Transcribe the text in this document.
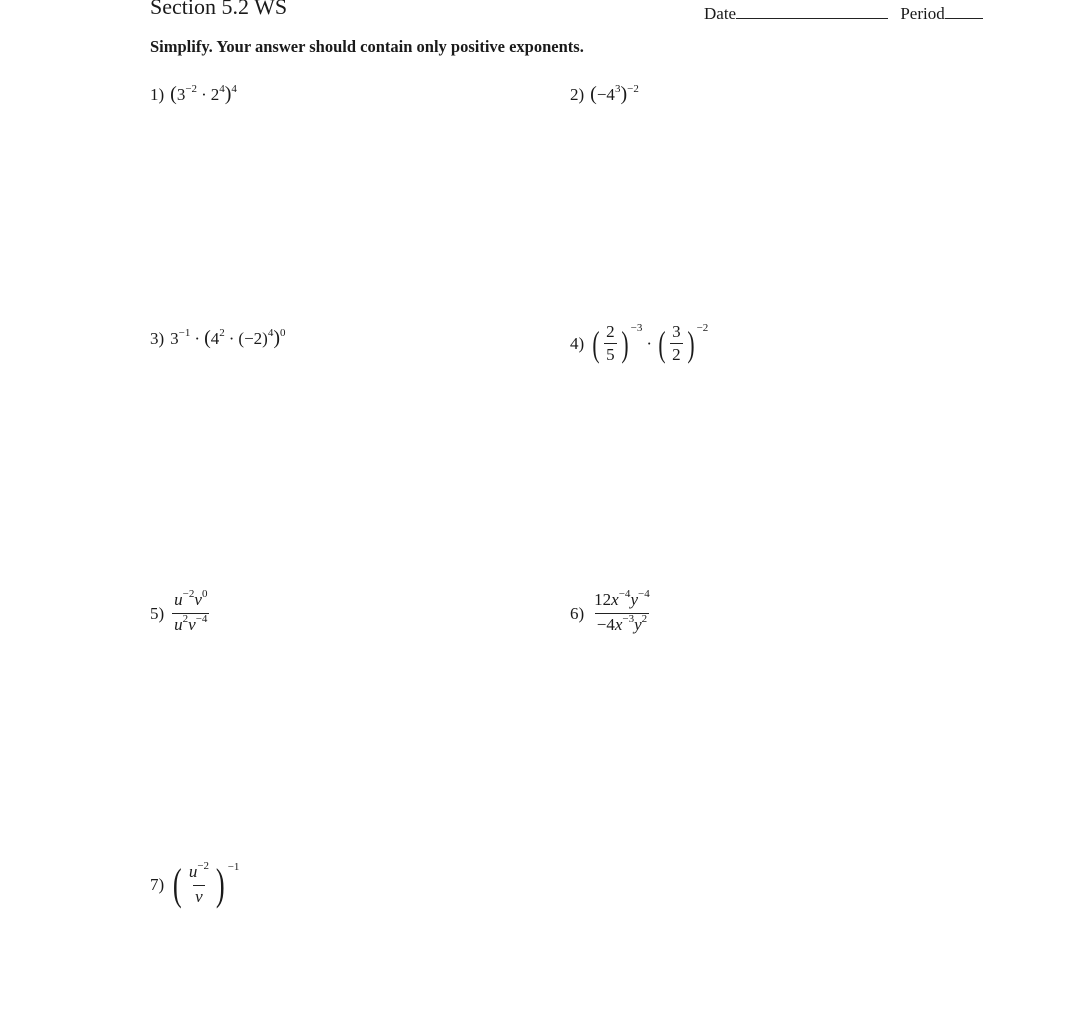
Section 5.2 WS	Date	Period
Simplify. Your answer should contain only positive exponents.
1) $(3^{-2} \cdot 2^4)^4$	2) $(-4^3)^{-2}$
3) $3^{-1} \cdot (4^2 \cdot (-2)^4)^0$
4) ( $\frac{2}{5} )^{-3}$
· ( $\frac{3}{2} )^{-2}$
$5) \frac{u^{-2}v^0}{u^2v^{-4}}$	$6) \frac{12x^{-4}y^{-4}}{-4x^{-3}y^2}$
7) ( $\frac{u^{-2}}{v}$ ) $^{-1}$
